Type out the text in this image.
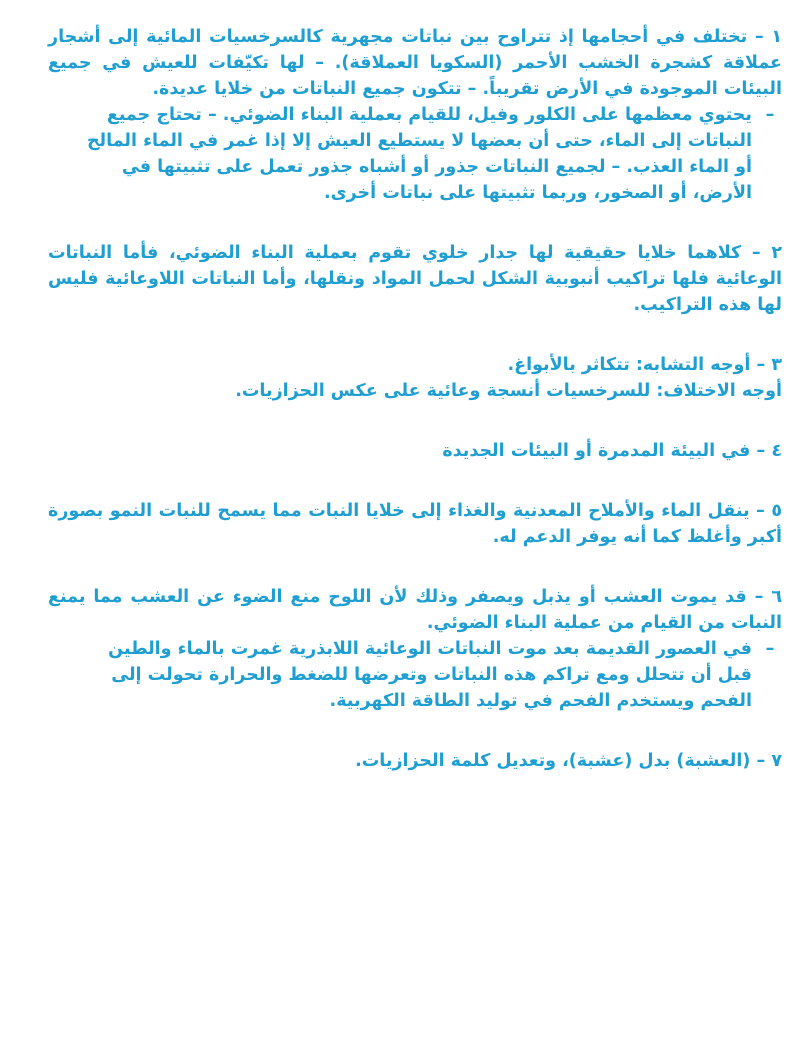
١ – تختلف في أحجامها إذ تتراوح بين نباتات مجهرية كالسرخسيات المائية إلى أشجار عملاقة كشجرة الخشب الأحمر (السكويا العملاقة). – لها تكيّفات للعيش في جميع البيئات الموجودة في الأرض تقريباً. – تتكون جميع النباتات من خلايا عديدة.

–
يحتوي معظمها على الكلور وفيل، للقيام بعملية البناء الضوئي. – تحتاج جميع النباتات إلى الماء، حتى أن بعضها لا يستطيع العيش إلا إذا غمر في الماء المالح أو الماء العذب. – لجميع النباتات جذور أو أشباه جذور تعمل على تثبيتها في الأرض، أو الصخور، وربما تثبيتها على نباتات أخرى.

٢ – كلاهما خلايا حقيقية لها جدار خلوي تقوم بعملية البناء الضوئي، فأما النباتات الوعائية فلها تراكيب أنبوبية الشكل لحمل المواد ونقلها، وأما النباتات اللاوعائية فليس لها هذه التراكيب.

٣ – أوجه التشابه: تتكاثر بالأبواغ.

أوجه الاختلاف: للسرخسيات أنسجة وعائية على عكس الحزازيات.

٤ – في البيئة المدمرة أو البيئات الجديدة

٥ – ينقل الماء والأملاح المعدنية والغذاء إلى خلايا النبات مما يسمح للنبات النمو بصورة أكبر وأغلظ كما أنه يوفر الدعم له.

٦ – قد يموت العشب أو يذبل ويصفر وذلك لأن اللوح منع الضوء عن العشب مما يمنع النبات من القيام من عملية البناء الضوئي.

–
في العصور القديمة بعد موت النباتات الوعائية اللابذرية غمرت بالماء والطين قبل أن تتحلل ومع تراكم هذه النباتات وتعرضها للضغط والحرارة تحولت إلى الفحم ويستخدم الفحم في توليد الطاقة الكهربية.

٧ – (العشبة) بدل (عشبة)، وتعديل كلمة الحزازيات.
